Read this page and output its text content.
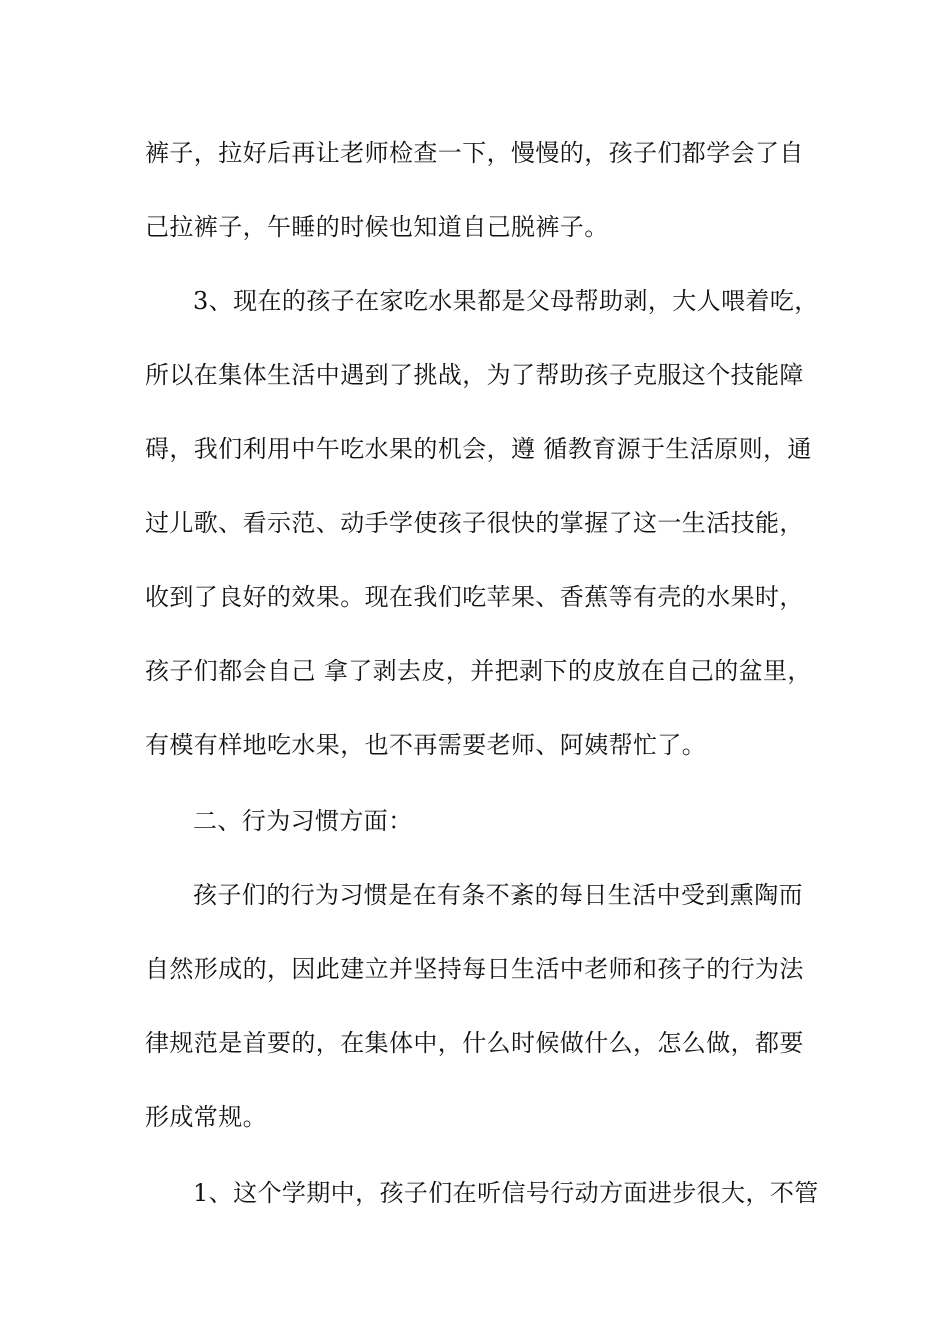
裤子，拉好后再让老师检查一下，慢慢的，孩子们都学会了自
己拉裤子，午睡的时候也知道自己脱裤子。
3、现在的孩子在家吃水果都是父母帮助剥，大人喂着吃，
所以在集体生活中遇到了挑战，为了帮助孩子克服这个技能障
碍，我们利用中午吃水果的机会，遵 循教育源于生活原则，通
过儿歌、看示范、动手学使孩子很快的掌握了这一生活技能，
收到了良好的效果。现在我们吃苹果、香蕉等有壳的水果时，
孩子们都会自己 拿了剥去皮，并把剥下的皮放在自己的盆里，
有模有样地吃水果，也不再需要老师、阿姨帮忙了。
二、行为习惯方面：
孩子们的行为习惯是在有条不紊的每日生活中受到熏陶而
自然形成的，因此建立并坚持每日生活中老师和孩子的行为法
律规范是首要的，在集体中，什么时候做什么，怎么做，都要
形成常规。
1、这个学期中，孩子们在听信号行动方面进步很大，不管
